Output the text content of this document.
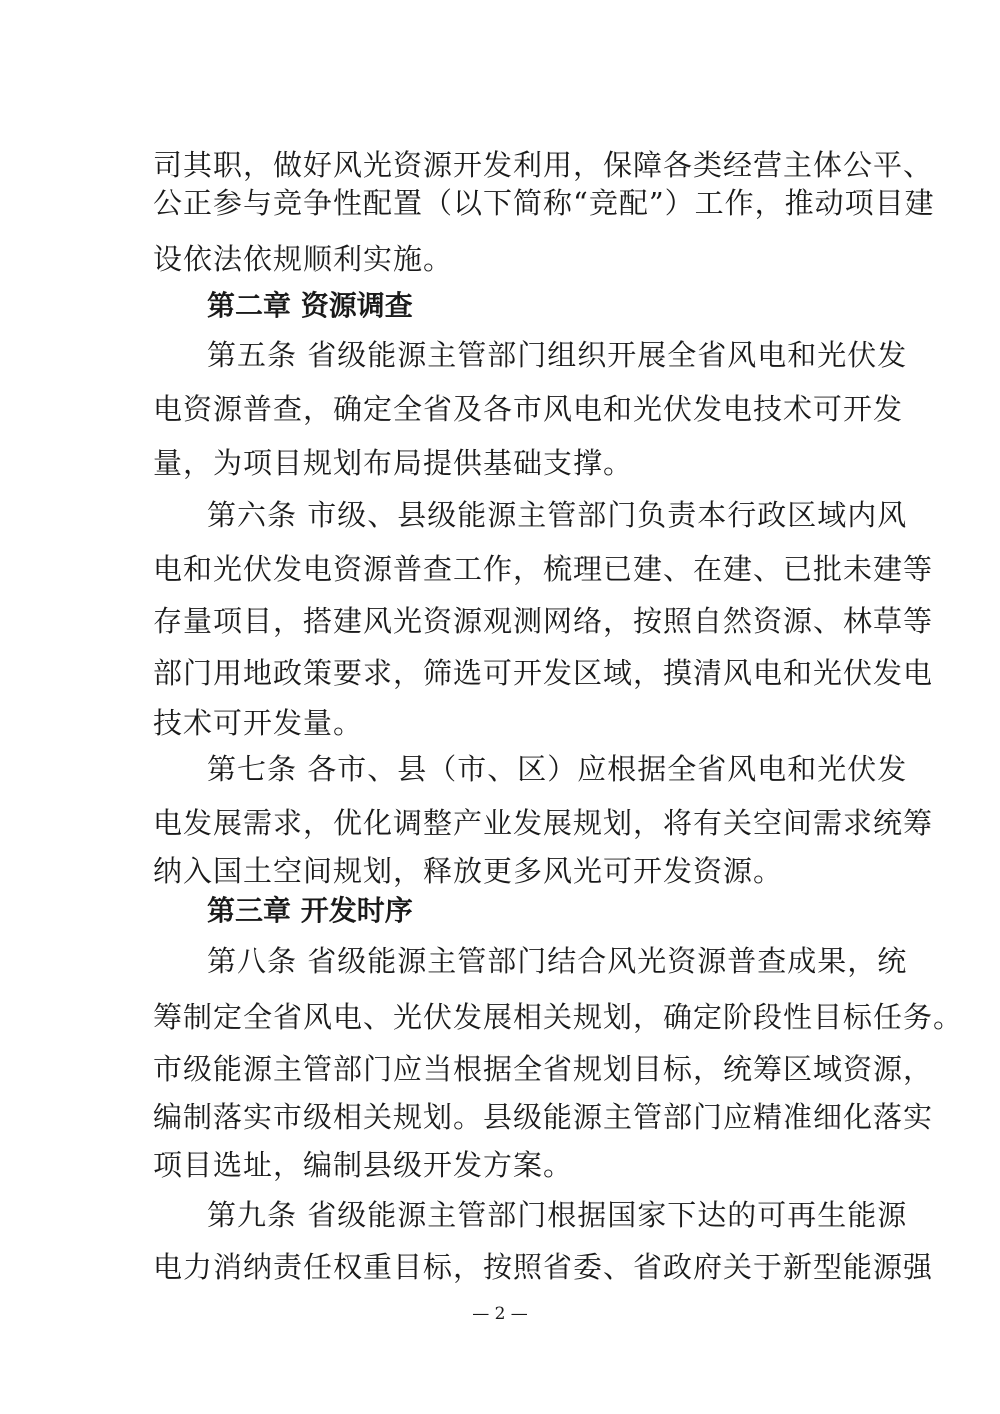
司其职，做好风光资源开发利用，保障各类经营主体公平、
公正参与竞争性配置（以下简称“竞配”）工作，推动项目建
设依法依规顺利实施。
第二章 资源调查
第五条 省级能源主管部门组织开展全省风电和光伏发
电资源普查，确定全省及各市风电和光伏发电技术可开发
量，为项目规划布局提供基础支撑。
第六条 市级、县级能源主管部门负责本行政区域内风
电和光伏发电资源普查工作，梳理已建、在建、已批未建等
存量项目，搭建风光资源观测网络，按照自然资源、林草等
部门用地政策要求，筛选可开发区域，摸清风电和光伏发电
技术可开发量。
第七条 各市、县（市、区）应根据全省风电和光伏发
电发展需求，优化调整产业发展规划，将有关空间需求统筹
纳入国土空间规划，释放更多风光可开发资源。
第三章 开发时序
第八条 省级能源主管部门结合风光资源普查成果，统
筹制定全省风电、光伏发展相关规划，确定阶段性目标任务。
市级能源主管部门应当根据全省规划目标，统筹区域资源，
编制落实市级相关规划。县级能源主管部门应精准细化落实
项目选址，编制县级开发方案。
第九条 省级能源主管部门根据国家下达的可再生能源
电力消纳责任权重目标，按照省委、省政府关于新型能源强
— 2 —
